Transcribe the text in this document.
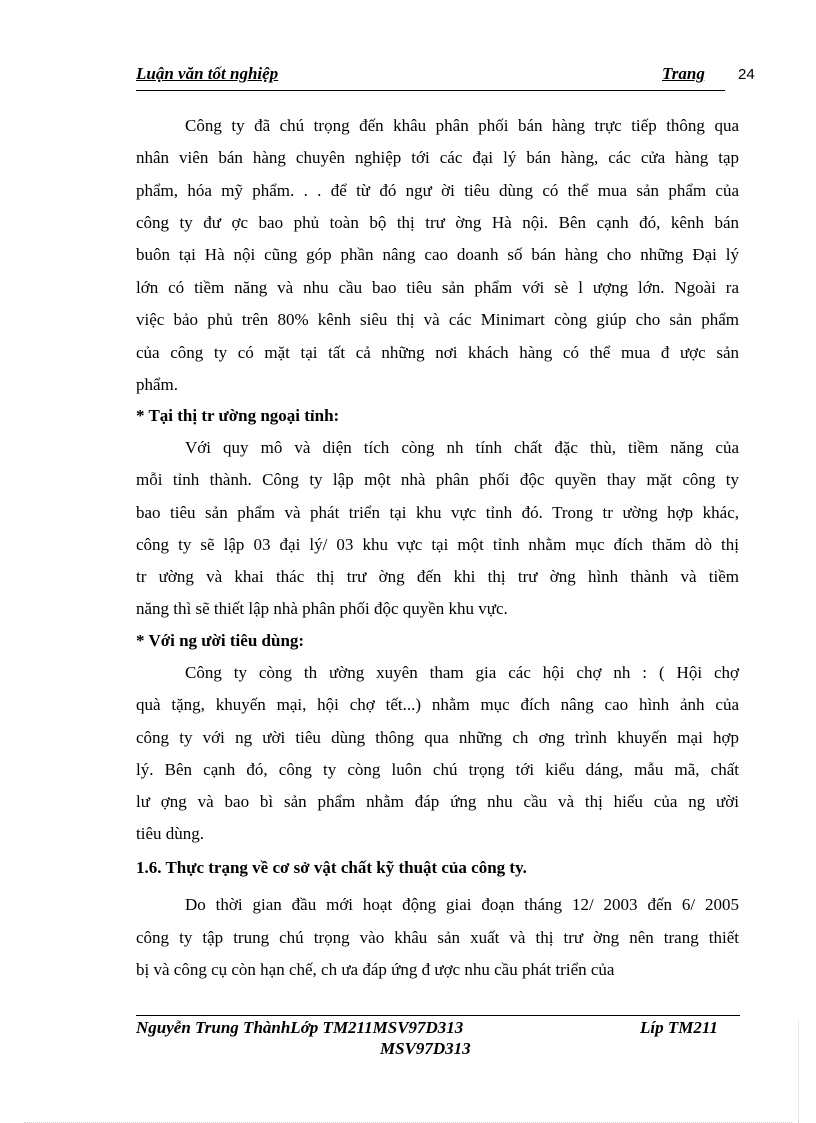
Luận văn tốt nghiệp	Trang 24
Công ty đã chú trọng đến khâu phân phối bán hàng trực tiếp thông qua
nhân viên bán hàng chuyên nghiệp tới các đại lý bán hàng, các cửa hàng tạp
phẩm, hóa mỹ phẩm. . . để từ đó ngư ời tiêu dùng có thể mua sản phẩm của
công ty đư ợc bao phủ toàn bộ thị trư ờng Hà nội. Bên cạnh đó, kênh bán
buôn tại Hà nội cũng góp phần nâng cao doanh số bán hàng cho những Đại lý
lớn có tiềm năng và nhu cầu bao tiêu sản phẩm với sè l ượng lớn. Ngoài ra
việc bảo phủ trên 80% kênh siêu thị và các Minimart còng giúp cho sản phẩm
của công ty có mặt tại tất cả những nơi khách hàng có thể mua đ ược sản
phẩm.
* Tại thị tr ường ngoại tỉnh:
Với quy mô và diện tích còng nh tính chất đặc thù, tiềm năng của
mỗi tỉnh thành. Công ty lập một nhà phân phối độc quyền thay mặt công ty
bao tiêu sản phẩm và phát triển tại khu vực tỉnh đó. Trong tr ường hợp khác,
công ty sẽ lập 03 đại lý/ 03 khu vực tại một tỉnh nhằm mục đích thăm dò thị
tr ường và khai thác thị trư ờng đến khi thị trư ờng hình thành và tiềm
năng thì sẽ thiết lập nhà phân phối độc quyền khu vực.
* Với ng ười tiêu dùng:
Công ty còng th ường xuyên tham gia các hội chợ nh : ( Hội chợ
quà tặng, khuyến mại, hội chợ tết...) nhằm mục đích nâng cao hình ảnh của
công ty với ng ười tiêu dùng thông qua những ch ơng trình khuyến mại hợp
lý. Bên cạnh đó, công ty còng luôn chú trọng tới kiểu dáng, mẫu mã, chất
lư ợng và bao bì sản phẩm nhằm đáp ứng nhu cầu và thị hiếu của ng ười
tiêu dùng.
1.6. Thực trạng về cơ sở vật chất kỹ thuật của công ty.
Do thời gian đầu mới hoạt động giai đoạn tháng 12/ 2003 đến 6/ 2005
công ty tập trung chú trọng vào khâu sản xuất và thị trư ờng nên trang thiết
bị và công cụ còn hạn chế, ch ưa đáp ứng đ ược nhu cầu phát triển của
Nguyễn Trung ThànhLớp TM211MSV97D313	Líp TM211
MSV97D313
